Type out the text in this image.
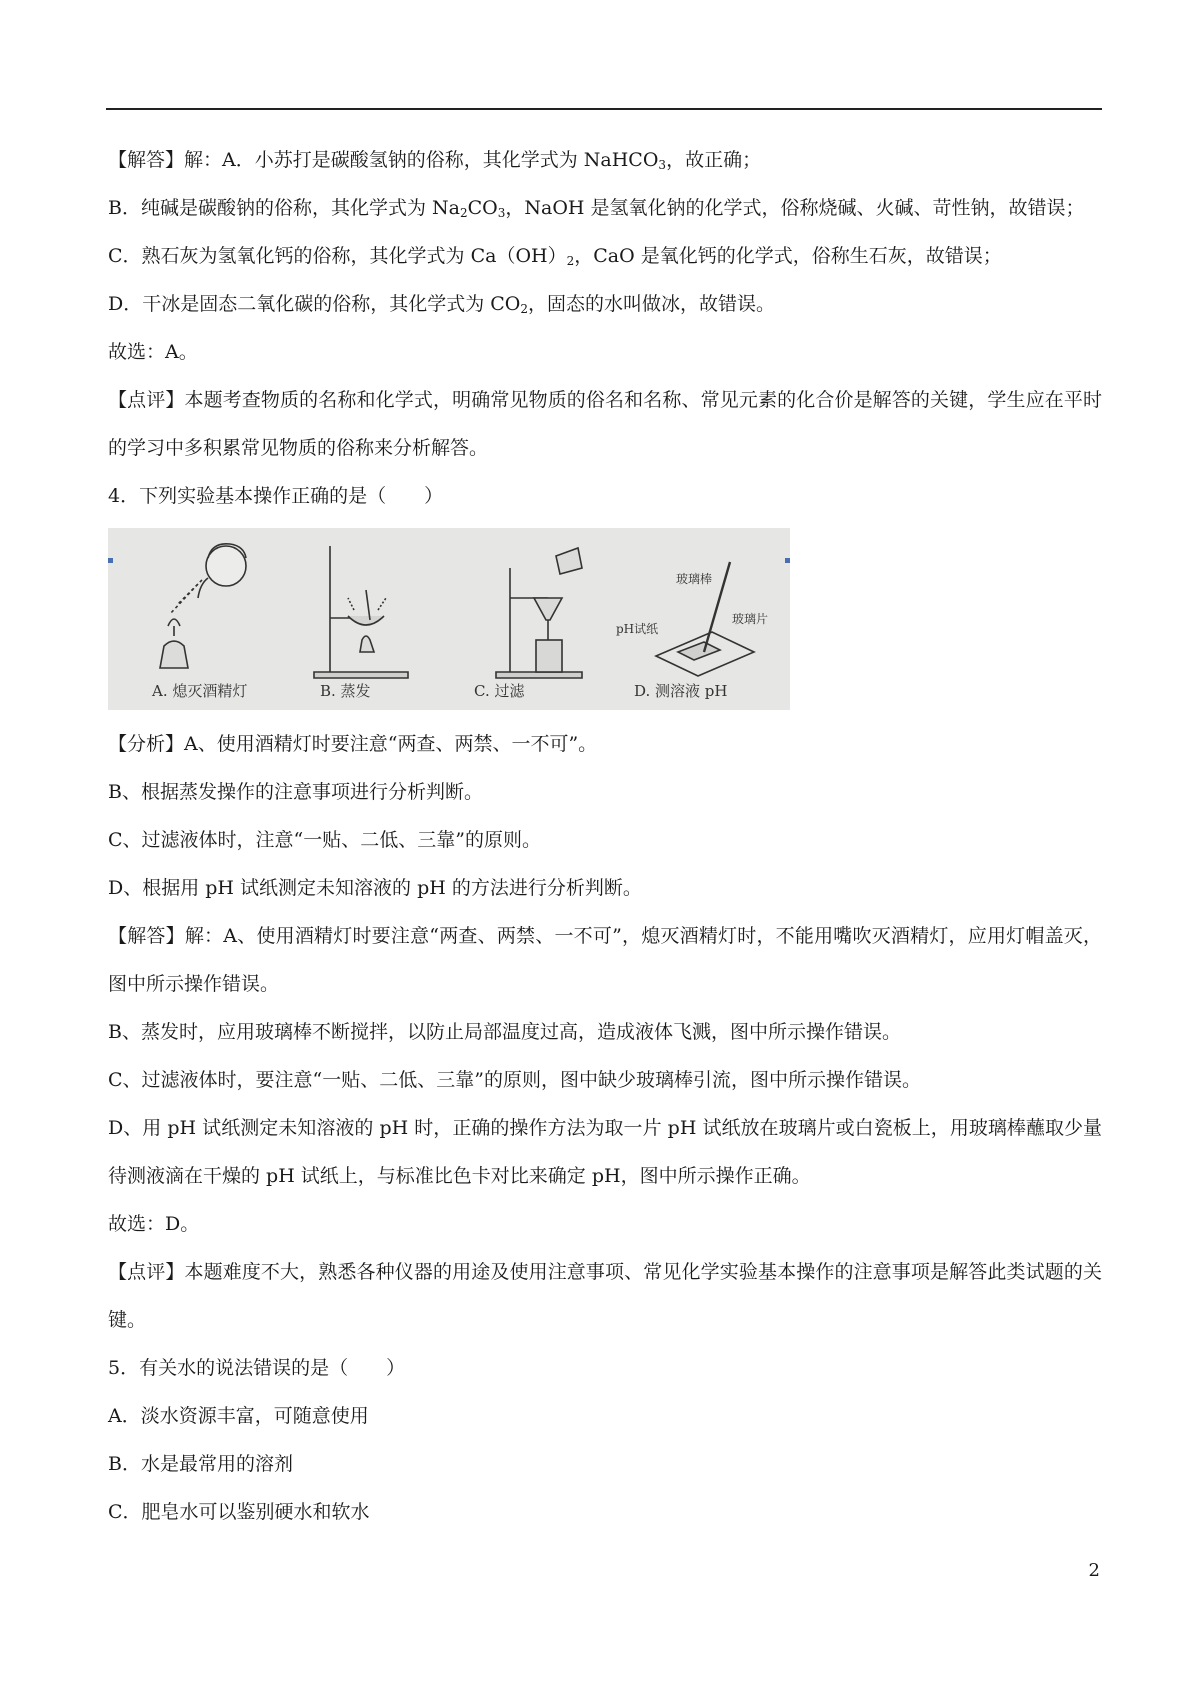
【解答】解：A．小苏打是碳酸氢钠的俗称，其化学式为 NaHCO$_3$，故正确；

B．纯碱是碳酸钠的俗称，其化学式为 $Na_2CO_3$，NaOH 是氢氧化钠的化学式，俗称烧碱、火碱、苛性钠，故错误；

C．熟石灰为氢氧化钙的俗称，其化学式为 $Ca(OH)_2$，CaO 是氧化钙的化学式，俗称生石灰，故错误；

D．干冰是固态二氧化碳的俗称，其化学式为 $CO_2$，固态的水叫做冰，故错误。

故选：A。

【点评】本题考查物质的名称和化学式，明确常见物质的俗名和名称、常见元素的化合价是解答的关键，学生应在平时的学习中多积累常见物质的俗称来分析解答。

4．下列实验基本操作正确的是（　　）

玻璃棒
pH试纸
玻璃片
A. 熄灭酒精灯	B. 蒸发	C. 过滤	D. 测溶液 pH

【分析】A、使用酒精灯时要注意“两查、两禁、一不可”。

B、根据蒸发操作的注意事项进行分析判断。

C、过滤液体时，注意“一贴、二低、三靠”的原则。

D、根据用 pH 试纸测定未知溶液的 pH 的方法进行分析判断。

【解答】解：A、使用酒精灯时要注意“两查、两禁、一不可”，熄灭酒精灯时，不能用嘴吹灭酒精灯，应用灯帽盖灭，图中所示操作错误。

B、蒸发时，应用玻璃棒不断搅拌，以防止局部温度过高，造成液体飞溅，图中所示操作错误。

C、过滤液体时，要注意“一贴、二低、三靠”的原则，图中缺少玻璃棒引流，图中所示操作错误。

D、用 pH 试纸测定未知溶液的 pH 时，正确的操作方法为取一片 pH 试纸放在玻璃片或白瓷板上，用玻璃棒蘸取少量待测液滴在干燥的 pH 试纸上，与标准比色卡对比来确定 pH，图中所示操作正确。

故选：D。

【点评】本题难度不大，熟悉各种仪器的用途及使用注意事项、常见化学实验基本操作的注意事项是解答此类试题的关键。

5．有关水的说法错误的是（　　）

A．淡水资源丰富，可随意使用

B．水是最常用的溶剂

C．肥皂水可以鉴别硬水和软水

2
